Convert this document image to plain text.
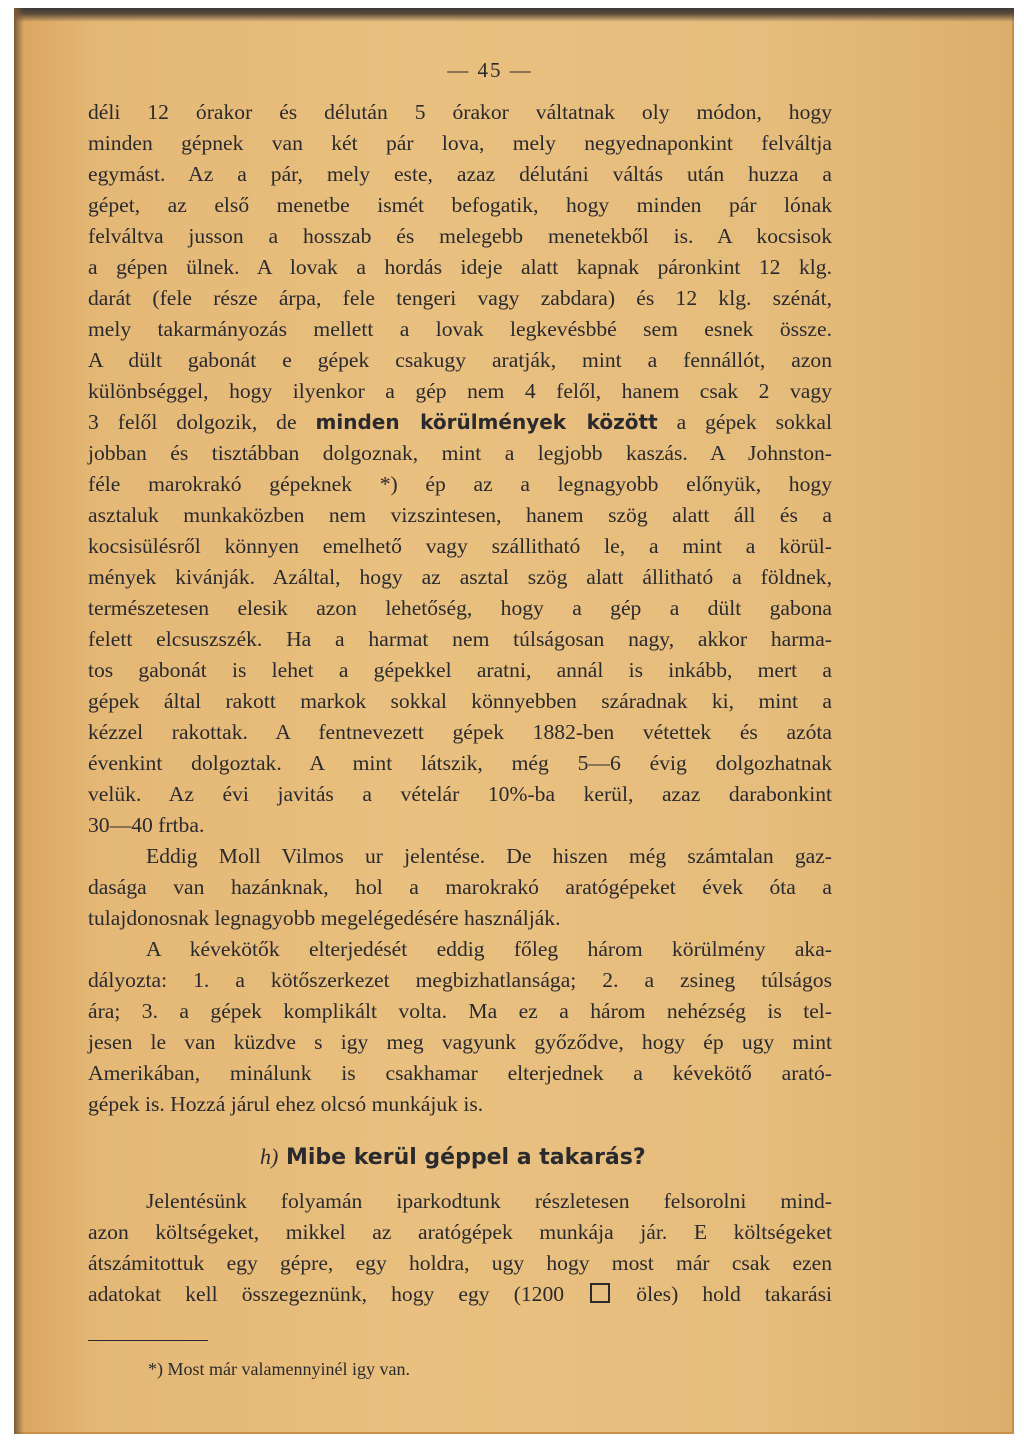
— 45 —
déli 12 órakor és délután 5 órakor váltatnak oly módon, hogy
minden gépnek van két pár lova, mely negyednaponkint felváltja
egymást. Az a pár, mely este, azaz délutáni váltás után huzza a
gépet, az első menetbe ismét befogatik, hogy minden pár lónak
felváltva jusson a hosszab és melegebb menetekből is. A kocsisok
a gépen ülnek. A lovak a hordás ideje alatt kapnak páronkint 12 klg.
darát (fele része árpa, fele tengeri vagy zabdara) és 12 klg. szénát,
mely takarmányozás mellett a lovak legkevésbbé sem esnek össze.
A dült gabonát e gépek csakugy aratják, mint a fennállót, azon
különbséggel, hogy ilyenkor a gép nem 4 felől, hanem csak 2 vagy
3 felől dolgozik, de minden körülmények között a gépek sokkal
jobban és tisztábban dolgoznak, mint a legjobb kaszás. A Johnston-
féle marokrakó gépeknek *) ép az a legnagyobb előnyük, hogy
asztaluk munkaközben nem vizszintesen, hanem szög alatt áll és a
kocsisülésről könnyen emelhető vagy szállitható le, a mint a körül-
mények kivánják. Azáltal, hogy az asztal szög alatt állitható a földnek,
természetesen elesik azon lehetőség, hogy a gép a dült gabona
felett elcsuszszék. Ha a harmat nem túlságosan nagy, akkor harma-
tos gabonát is lehet a gépekkel aratni, annál is inkább, mert a
gépek által rakott markok sokkal könnyebben száradnak ki, mint a
kézzel rakottak. A fentnevezett gépek 1882-ben vétettek és azóta
évenkint dolgoztak. A mint látszik, még 5—6 évig dolgozhatnak
velük. Az évi javitás a vételár 10%-ba kerül, azaz darabonkint
30—40 frtba.
Eddig Moll Vilmos ur jelentése. De hiszen még számtalan gaz-
dasága van hazánknak, hol a marokrakó aratógépeket évek óta a
tulajdonosnak legnagyobb megelégedésére használják.
A kévekötők elterjedését eddig főleg három körülmény aka-
dályozta: 1. a kötőszerkezet megbizhatlansága; 2. a zsineg túlságos
ára; 3. a gépek komplikált volta. Ma ez a három nehézség is tel-
jesen le van küzdve s igy meg vagyunk győződve, hogy ép ugy mint
Amerikában, minálunk is csakhamar elterjednek a kévekötő arató-
gépek is. Hozzá járul ehez olcsó munkájuk is.
h) Mibe kerül géppel a takarás?
Jelentésünk folyamán iparkodtunk részletesen felsorolni mind-
azon költségeket, mikkel az aratógépek munkája jár. E költségeket
átszámitottuk egy gépre, egy holdra, ugy hogy most már csak ezen
adatokat kell összegeznünk, hogy egy (1200	öles) hold takarási
*) Most már valamennyinél igy van.
